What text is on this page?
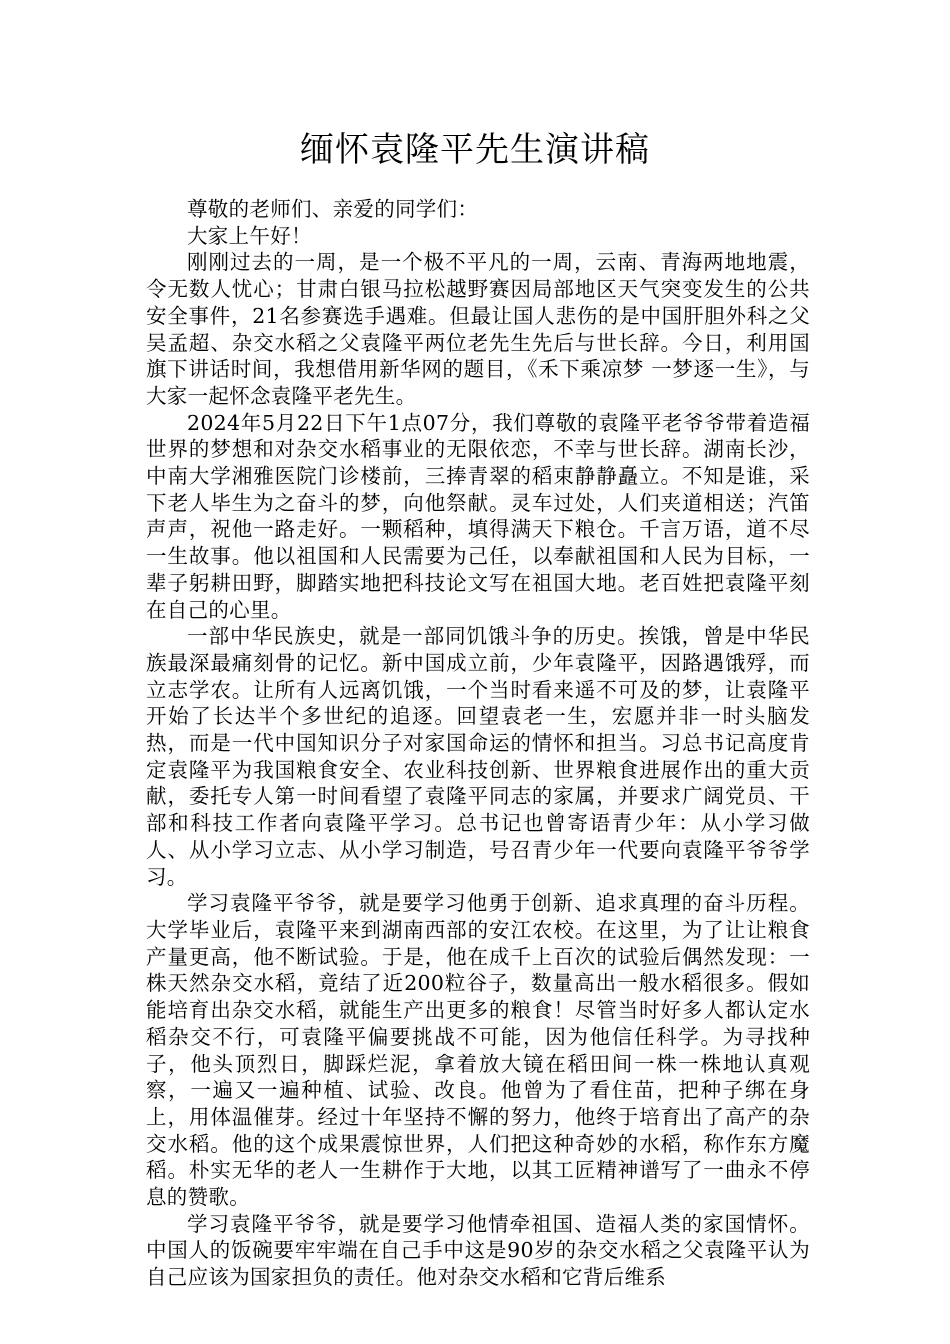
缅怀袁隆平先生演讲稿

尊敬的老师们、亲爱的同学们：

大家上午好！

刚刚过去的一周，是一个极不平凡的一周，云南、青海两地地震，令无数人忧心；甘肃白银马拉松越野赛因局部地区天气突变发生的公共安全事件，21名参赛选手遇难。但最让国人悲伤的是中国肝胆外科之父吴孟超、杂交水稻之父袁隆平两位老先生先后与世长辞。今日，利用国旗下讲话时间，我想借用新华网的题目，《禾下乘凉梦 一梦逐一生》，与大家一起怀念袁隆平老先生。

2024年5月22日下午1点07分，我们尊敬的袁隆平老爷爷带着造福世界的梦想和对杂交水稻事业的无限依恋，不幸与世长辞。湖南长沙，中南大学湘雅医院门诊楼前，三捧青翠的稻束静静矗立。不知是谁，采下老人毕生为之奋斗的梦，向他祭献。灵车过处，人们夹道相送；汽笛声声，祝他一路走好。一颗稻种，填得满天下粮仓。千言万语，道不尽一生故事。他以祖国和人民需要为己任，以奉献祖国和人民为目标，一辈子躬耕田野，脚踏实地把科技论文写在祖国大地。老百姓把袁隆平刻在自己的心里。

一部中华民族史，就是一部同饥饿斗争的历史。挨饿，曾是中华民族最深最痛刻骨的记忆。新中国成立前，少年袁隆平，因路遇饿殍，而立志学农。让所有人远离饥饿，一个当时看来遥不可及的梦，让袁隆平开始了长达半个多世纪的追逐。回望袁老一生，宏愿并非一时头脑发热，而是一代中国知识分子对家国命运的情怀和担当。习总书记高度肯定袁隆平为我国粮食安全、农业科技创新、世界粮食进展作出的重大贡献，委托专人第一时间看望了袁隆平同志的家属，并要求广阔党员、干部和科技工作者向袁隆平学习。总书记也曾寄语青少年：从小学习做人、从小学习立志、从小学习制造，号召青少年一代要向袁隆平爷爷学习。

学习袁隆平爷爷，就是要学习他勇于创新、追求真理的奋斗历程。大学毕业后，袁隆平来到湖南西部的安江农校。在这里，为了让让粮食产量更高，他不断试验。于是，他在成千上百次的试验后偶然发现：一株天然杂交水稻，竟结了近200粒谷子，数量高出一般水稻很多。假如能培育出杂交水稻，就能生产出更多的粮食！尽管当时好多人都认定水稻杂交不行，可袁隆平偏要挑战不可能，因为他信任科学。为寻找种子，他头顶烈日，脚踩烂泥，拿着放大镜在稻田间一株一株地认真观察，一遍又一遍种植、试验、改良。他曾为了看住苗，把种子绑在身上，用体温催芽。经过十年坚持不懈的努力，他终于培育出了高产的杂交水稻。他的这个成果震惊世界，人们把这种奇妙的水稻，称作东方魔稻。朴实无华的老人一生耕作于大地，以其工匠精神谱写了一曲永不停息的赞歌。

学习袁隆平爷爷，就是要学习他情牵祖国、造福人类的家国情怀。中国人的饭碗要牢牢端在自己手中这是90岁的杂交水稻之父袁隆平认为自己应该为国家担负的责任。他对杂交水稻和它背后维系
